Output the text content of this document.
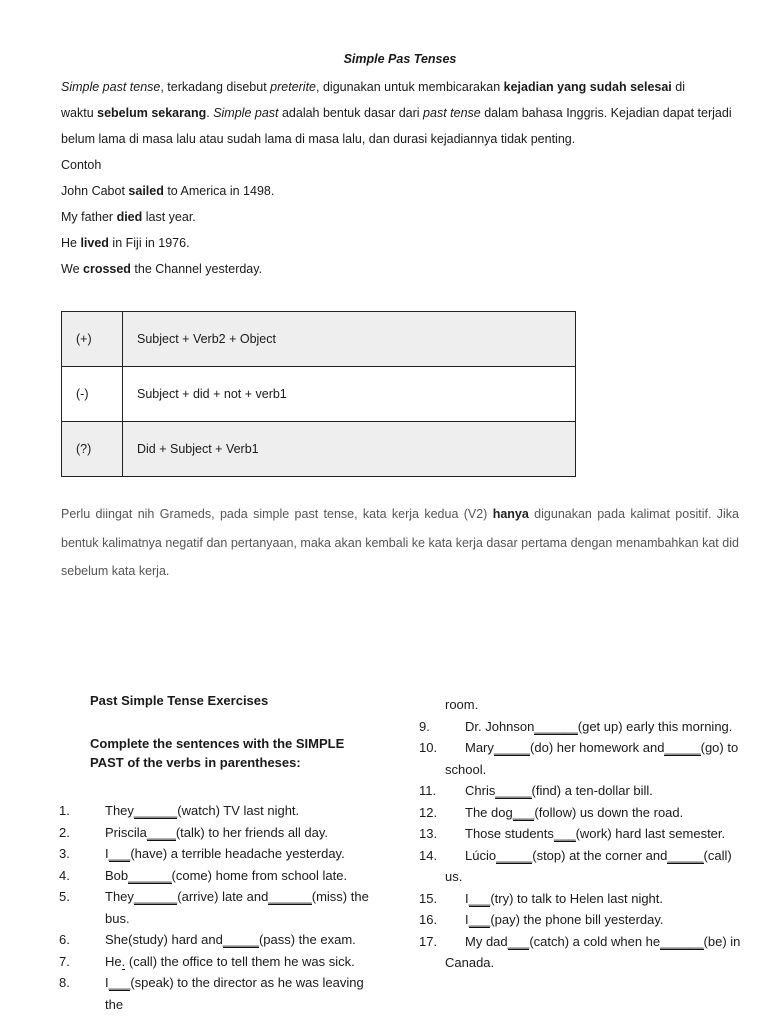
Simple Pas Tenses
Simple past tense, terkadang disebut preterite, digunakan untuk membicarakan kejadian yang sudah selesai di
waktu sebelum sekarang. Simple past adalah bentuk dasar dari past tense dalam bahasa Inggris. Kejadian dapat terjadi
belum lama di masa lalu atau sudah lama di masa lalu, dan durasi kejadiannya tidak penting.
Contoh
John Cabot sailed to America in 1498.
My father died last year.
He lived in Fiji in 1976.
We crossed the Channel yesterday.
(+)	Subject + Verb2 + Object
(-)	Subject + did + not + verb1
(?)	Did + Subject + Verb1
Perlu diingat nih Grameds, pada simple past tense, kata kerja kedua (V2) hanya digunakan pada kalimat positif. Jika bentuk kalimatnya negatif dan pertanyaan, maka akan kembali ke kata kerja dasar pertama dengan menambahkan kat did sebelum kata kerja.
Past Simple Tense Exercises
Complete the sentences with the SIMPLE PAST of the verbs in parentheses:
1.	They______(watch) TV last night.
2.	Priscila____(talk) to her friends all day.
3.	I___(have) a terrible headache yesterday.
4.	Bob______(come) home from school late.
5.	They______(arrive) late and______(miss) the bus.
6.	She(study) hard and_____(pass) the exam.
7.	He. (call) the office to tell them he was sick.
8.	I___(speak) to the director as he was leaving the
room.
9.	Dr. Johnson______(get up) early this morning.
10.	Mary_____(do) her homework and_____(go) to
school.
11.	Chris_____(find) a ten-dollar bill.
12.	The dog___(follow) us down the road.
13.	Those students___(work) hard last semester.
14.	Lúcio_____(stop) at the corner and_____(call)
us.
15.	I___(try) to talk to Helen last night.
16.	I___(pay) the phone bill yesterday.
17.	My dad___(catch) a cold when he______(be) in
Canada.
